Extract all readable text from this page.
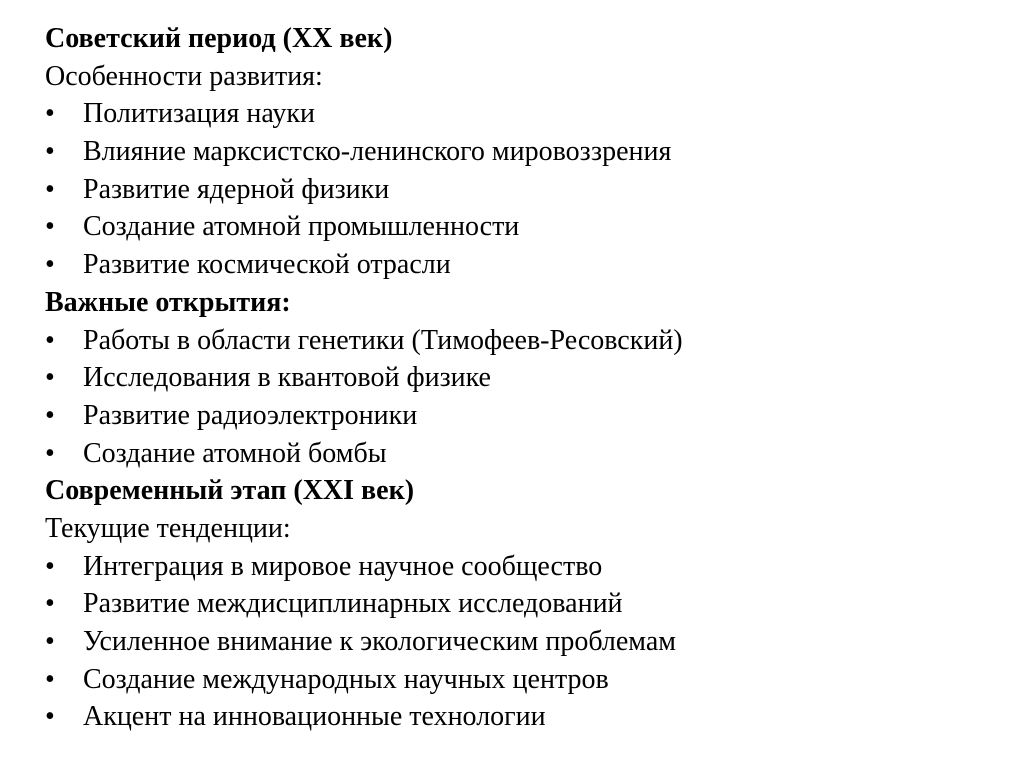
Советский период (XX век)
Особенности развития:
•	Политизация науки
•	Влияние марксистско-ленинского мировоззрения
•	Развитие ядерной физики
•	Создание атомной промышленности
•	Развитие космической отрасли
Важные открытия:
•	Работы в области генетики (Тимофеев-Ресовский)
•	Исследования в квантовой физике
•	Развитие радиоэлектроники
•	Создание атомной бомбы
Современный этап (XXI век)
Текущие тенденции:
•	Интеграция в мировое научное сообщество
•	Развитие междисциплинарных исследований
•	Усиленное внимание к экологическим проблемам
•	Создание международных научных центров
•	Акцент на инновационные технологии
